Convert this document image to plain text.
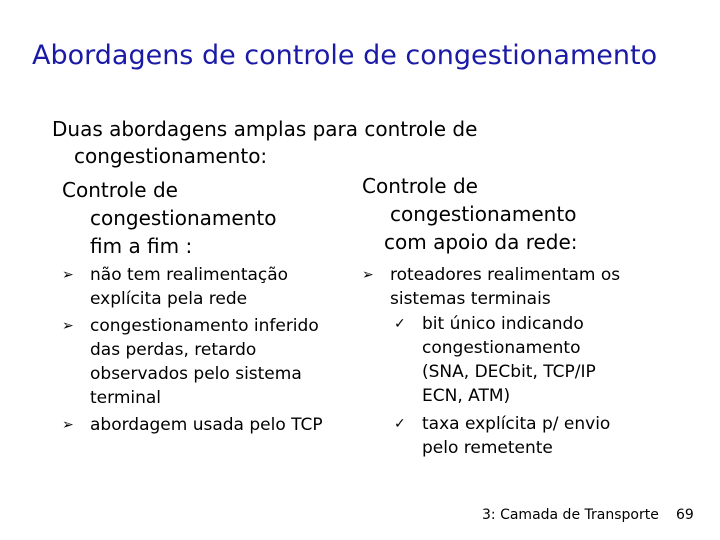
Abordagens de controle de congestionamento
Duas abordagens amplas para controle de
congestionamento:
Controle de
congestionamento
fim a fim :
Controle de
congestionamento
com apoio da rede:
➢ não tem realimentação
explícita pela rede
➢ congestionamento inferido
das perdas, retardo
observados pelo sistema
terminal
➢ abordagem usada pelo TCP
➢ roteadores realimentam os
sistemas terminais
✓ bit único indicando
congestionamento
(SNA, DECbit, TCP/IP
ECN, ATM)
✓ taxa explícita p/ envio
pelo remetente
3: Camada de Transporte 69
